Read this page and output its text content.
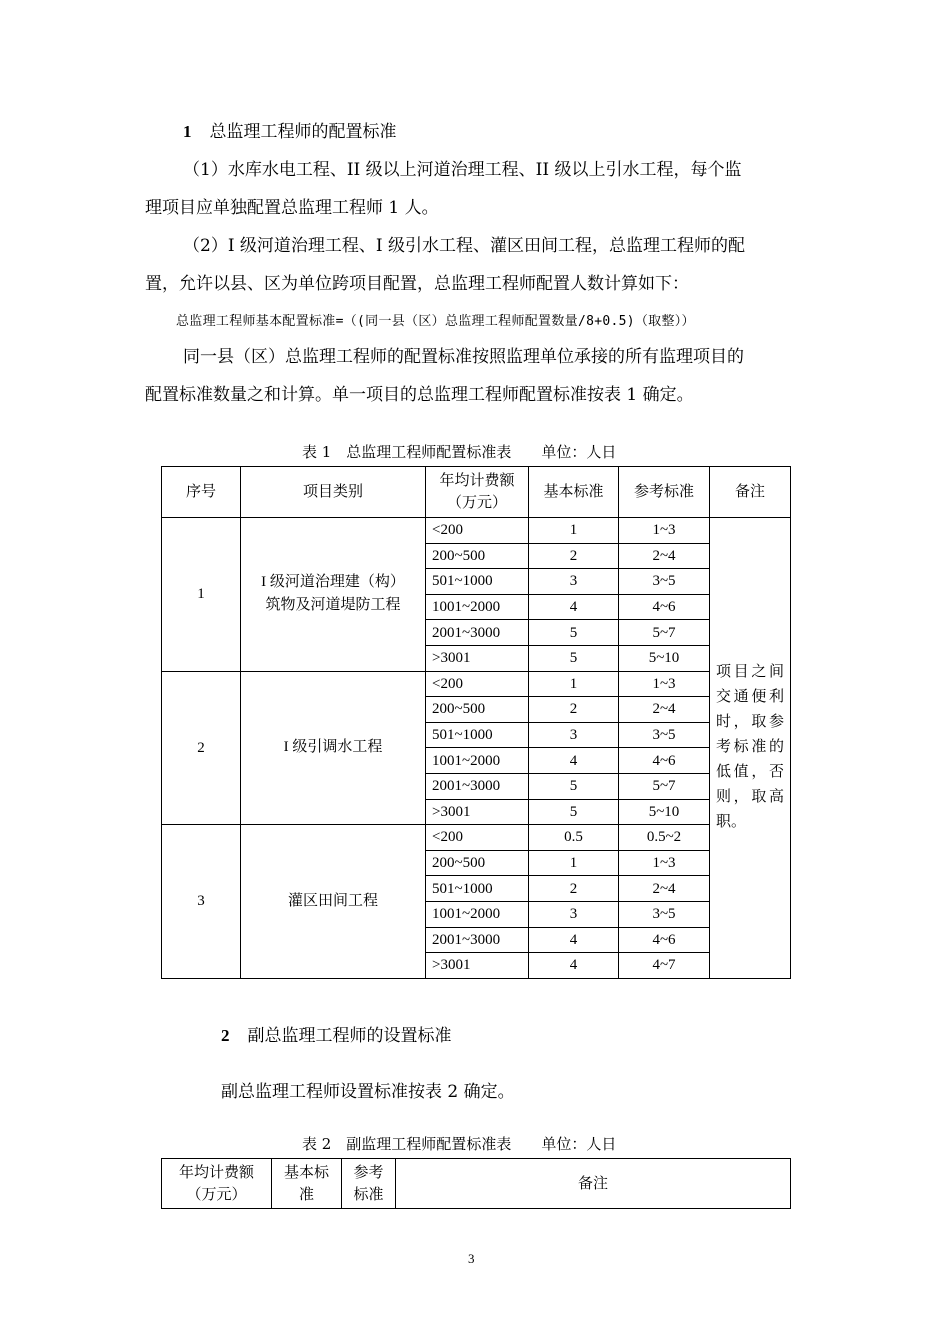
1 总监理工程师的配置标准
（1）水库水电工程、II 级以上河道治理工程、II 级以上引水工程，每个监
理项目应单独配置总监理工程师 1 人。
（2）I 级河道治理工程、I 级引水工程、灌区田间工程，总监理工程师的配
置，允许以县、区为单位跨项目配置，总监理工程师配置人数计算如下：
总监理工程师基本配置标准=（(同一县（区）总监理工程师配置数量/8+0.5)（取整））
同一县（区）总监理工程师的配置标准按照监理单位承接的所有监理项目的
配置标准数量之和计算。单一项目的总监理工程师配置标准按表 1 确定。
表 1　总监理工程师配置标准表　　单位：人日
序号	项目类别	年均计费额
（万元）	基本标准	参考标准	备注
1	I 级河道治理建（构）
筑物及河道堤防工程	<200	1	1~3	项目之间交通便利时，取参考标准的低值，否则，取高职。
		200~500	2	2~4	
		501~1000	3	3~5	
		1001~2000	4	4~6	
		2001~3000	5	5~7	
		>3001	5	5~10	
2	I 级引调水工程	<200	1	1~3	
		200~500	2	2~4	
		501~1000	3	3~5	
		1001~2000	4	4~6	
		2001~3000	5	5~7	
		>3001	5	5~10	
3	灌区田间工程	<200	0.5	0.5~2	
		200~500	1	1~3	
		501~1000	2	2~4	
		1001~2000	3	3~5	
		2001~3000	4	4~6	
		>3001	4	4~7	
2 副总监理工程师的设置标准
副总监理工程师设置标准按表 2 确定。
表 2　副监理工程师配置标准表　　单位：人日
年均计费额
（万元）	基本标
准	参考
标准	备注
3
